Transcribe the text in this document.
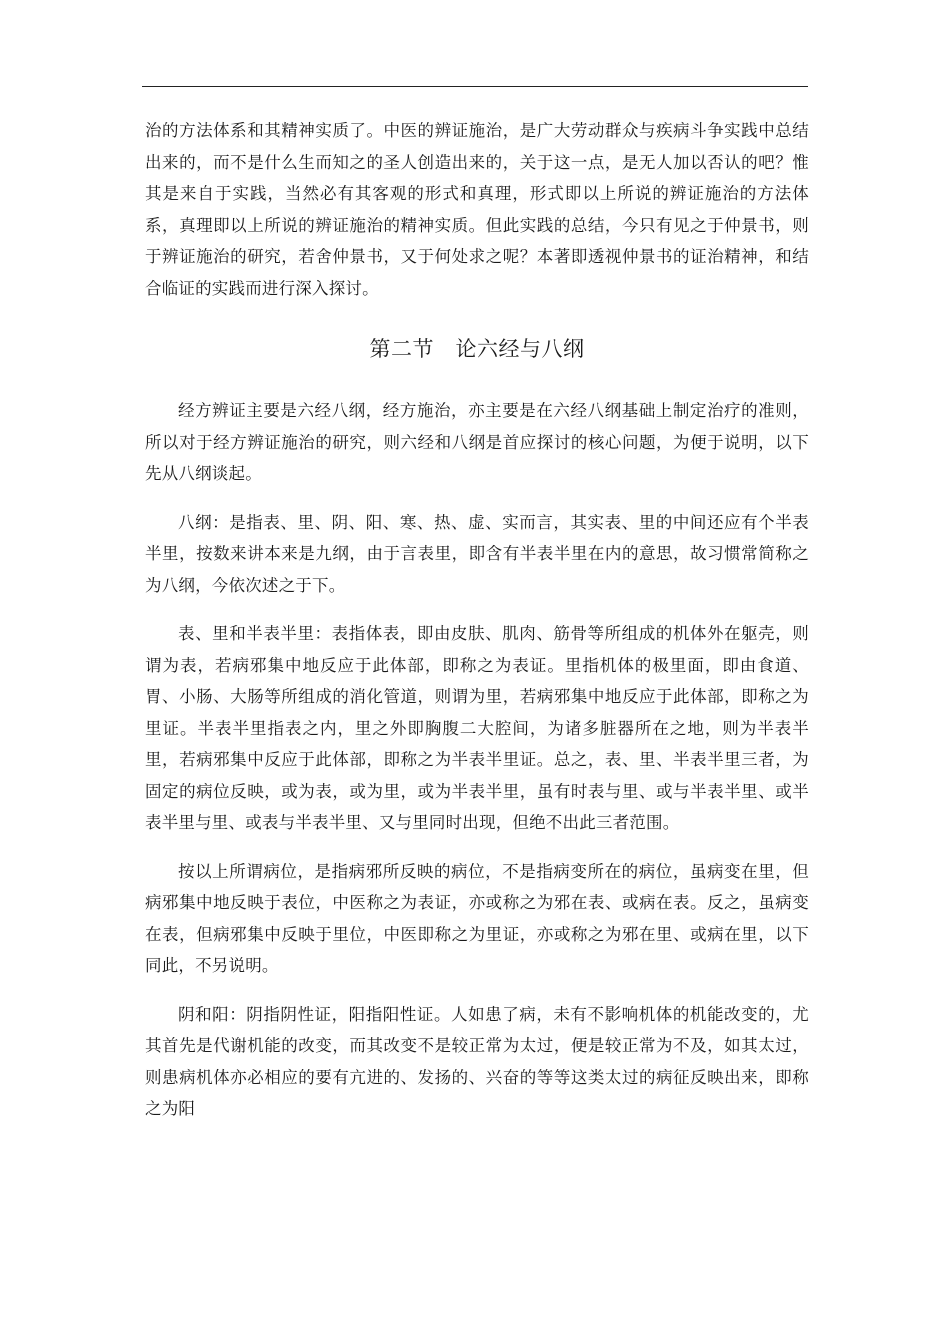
治的方法体系和其精神实质了。中医的辨证施治，是广大劳动群众与疾病斗争实践中总结出来的，而不是什么生而知之的圣人创造出来的，关于这一点，是无人加以否认的吧？惟其是来自于实践，当然必有其客观的形式和真理，形式即以上所说的辨证施治的方法体系，真理即以上所说的辨证施治的精神实质。但此实践的总结，今只有见之于仲景书，则于辨证施治的研究，若舍仲景书，又于何处求之呢？本著即透视仲景书的证治精神，和结合临证的实践而进行深入探讨。

第二节　论六经与八纲

经方辨证主要是六经八纲，经方施治，亦主要是在六经八纲基础上制定治疗的准则，所以对于经方辨证施治的研究，则六经和八纲是首应探讨的核心问题，为便于说明，以下先从八纲谈起。

八纲：是指表、里、阴、阳、寒、热、虚、实而言，其实表、里的中间还应有个半表半里，按数来讲本来是九纲，由于言表里，即含有半表半里在内的意思，故习惯常简称之为八纲，今依次述之于下。

表、里和半表半里：表指体表，即由皮肤、肌肉、筋骨等所组成的机体外在躯壳，则谓为表，若病邪集中地反应于此体部，即称之为表证。里指机体的极里面，即由食道、胃、小肠、大肠等所组成的消化管道，则谓为里，若病邪集中地反应于此体部，即称之为里证。半表半里指表之内，里之外即胸腹二大腔间，为诸多脏器所在之地，则为半表半里，若病邪集中反应于此体部，即称之为半表半里证。总之，表、里、半表半里三者，为固定的病位反映，或为表，或为里，或为半表半里，虽有时表与里、或与半表半里、或半表半里与里、或表与半表半里、又与里同时出现，但绝不出此三者范围。

按以上所谓病位，是指病邪所反映的病位，不是指病变所在的病位，虽病变在里，但病邪集中地反映于表位，中医称之为表证，亦或称之为邪在表、或病在表。反之，虽病变在表，但病邪集中反映于里位，中医即称之为里证，亦或称之为邪在里、或病在里，以下同此，不另说明。

阴和阳：阴指阴性证，阳指阳性证。人如患了病，未有不影响机体的机能改变的，尤其首先是代谢机能的改变，而其改变不是较正常为太过，便是较正常为不及，如其太过，则患病机体亦必相应的要有亢进的、发扬的、兴奋的等等这类太过的病征反映出来，即称之为阳
